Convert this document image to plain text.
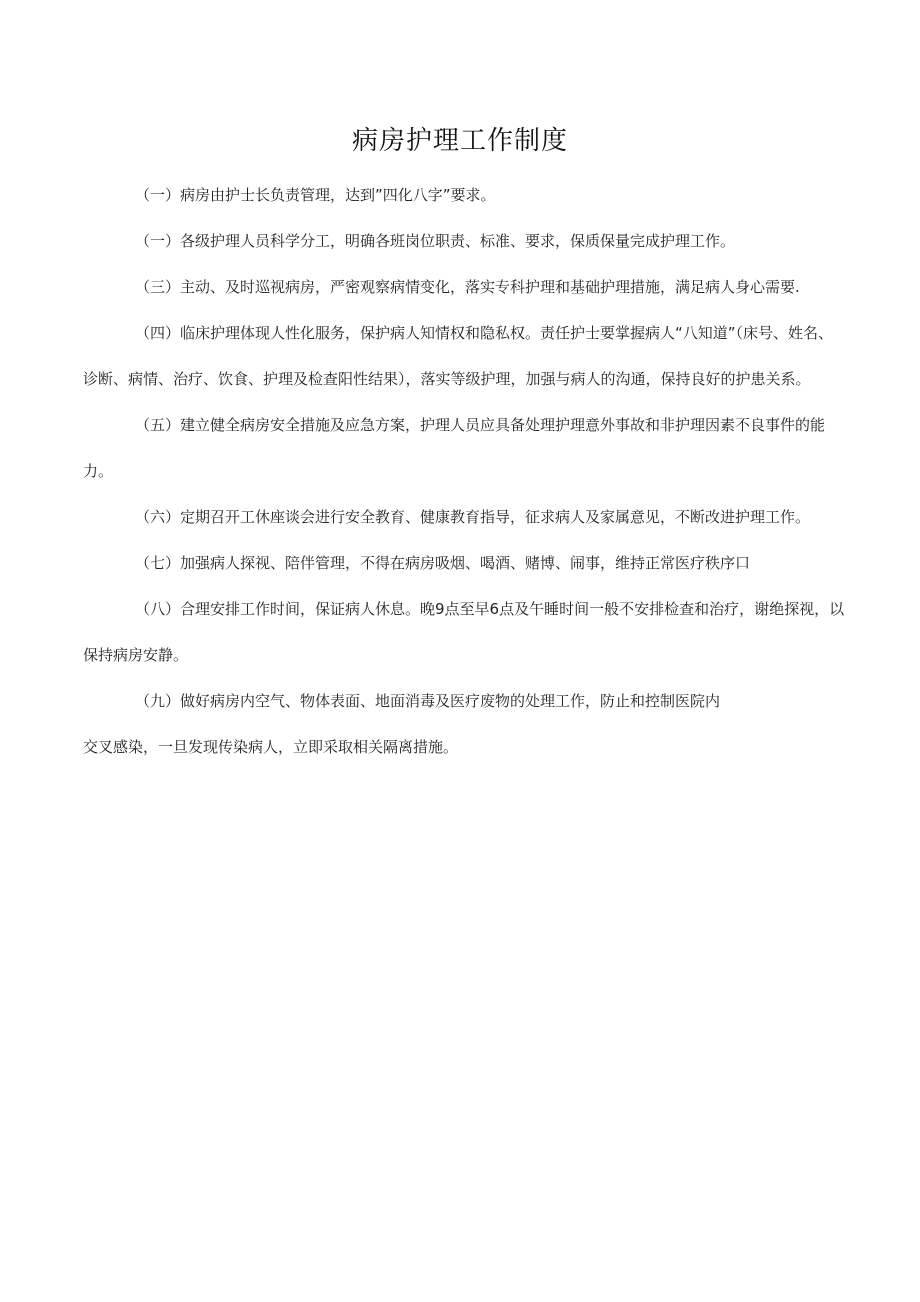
病房护理工作制度

（一）病房由护士长负责管理，达到”四化八字”要求。

（一）各级护理人员科学分工，明确各班岗位职责、标准、要求，保质保量完成护理工作。

（三）主动、及时巡视病房，严密观察病情变化，落实专科护理和基础护理措施，满足病人身心需要.

（四）临床护理体现人性化服务，保护病人知情权和隐私权。责任护士要掌握病人“八知道”（床号、姓名、诊断、病情、治疗、饮食、护理及检查阳性结果），落实等级护理，加强与病人的沟通，保持良好的护患关系。

（五）建立健全病房安全措施及应急方案，护理人员应具备处理护理意外事故和非护理因素不良事件的能力。

（六）定期召开工休座谈会进行安全教育、健康教育指导，征求病人及家属意见，不断改进护理工作。

（七）加强病人探视、陪伴管理，不得在病房吸烟、喝酒、赌博、闹事，维持正常医疗秩序口

（八）合理安排工作时间，保证病人休息。晚9点至早6点及午睡时间一般不安排检查和治疗，谢绝探视，以保持病房安静。

（九）做好病房内空气、物体表面、地面消毒及医疗废物的处理工作，防止和控制医院内

交叉感染，一旦发现传染病人，立即采取相关隔离措施。
